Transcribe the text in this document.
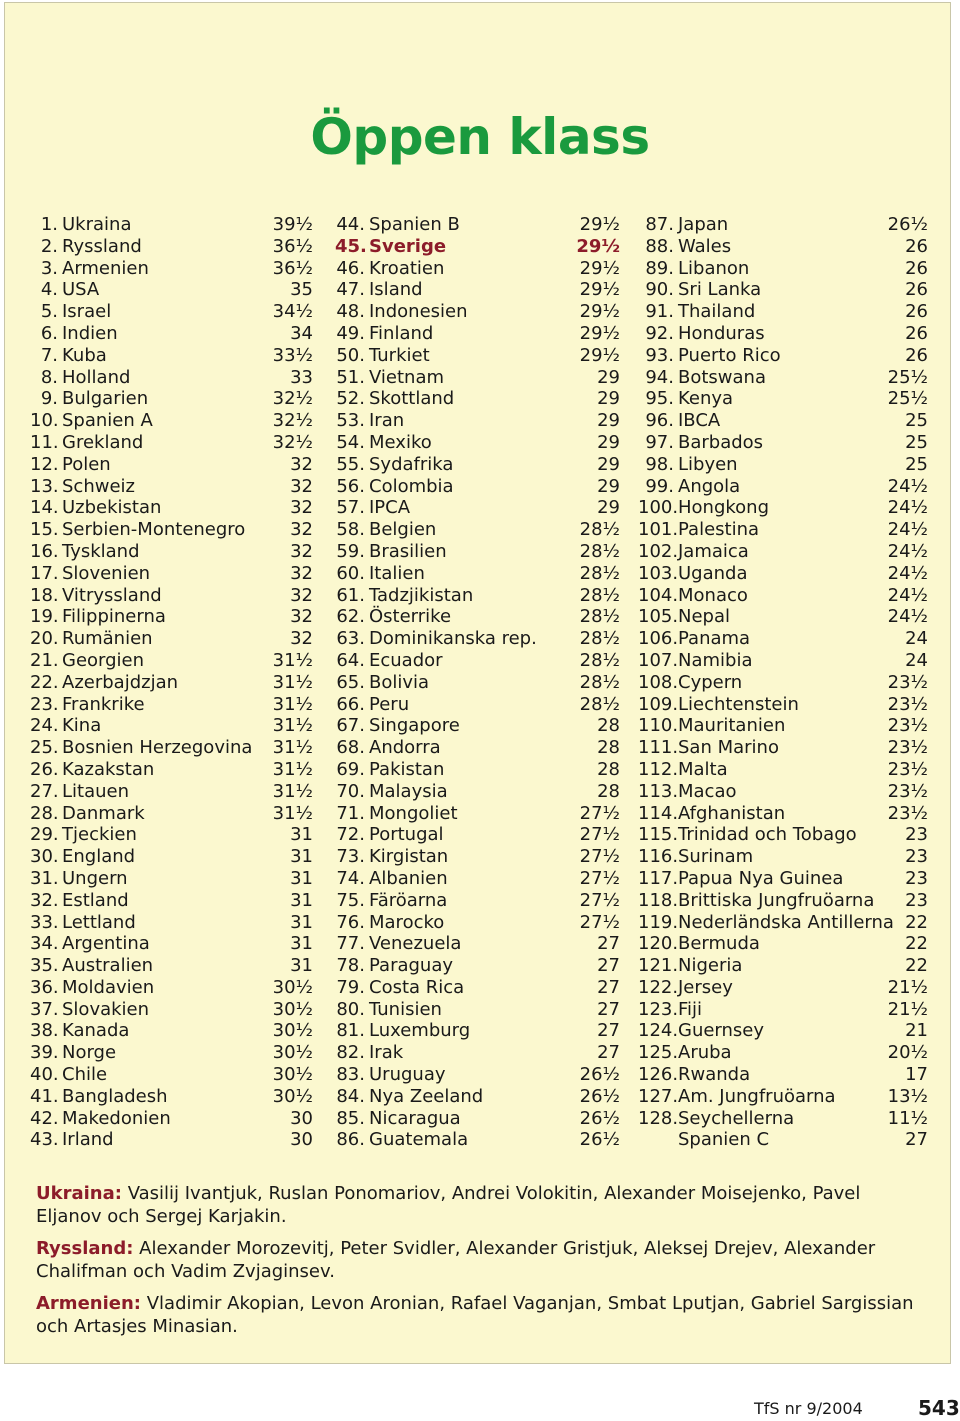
Öppen klass
1. Ukraina	39½
2. Ryssland	36½
3. Armenien	36½
4. USA	35
5. Israel	34½
6. Indien	34
7. Kuba	33½
8. Holland	33
9. Bulgarien	32½
10. Spanien A	32½
11. Grekland	32½
12. Polen	32
13. Schweiz	32
14. Uzbekistan	32
15. Serbien-Montenegro 32
16. Tyskland	32
17. Slovenien	32
18. Vitryssland	32
19. Filippinerna	32
20. Rumänien	32
21. Georgien	31½
22. Azerbajdzjan	31½
23. Frankrike	31½
24. Kina	31½
25. Bosnien Herzegovina 31½
26. Kazakstan	31½
27. Litauen	31½
28. Danmark	31½
29. Tjeckien	31
30. England	31
31. Ungern	31
32. Estland	31
33. Lettland	31
34. Argentina	31
35. Australien	31
36. Moldavien	30½
37. Slovakien	30½
38. Kanada	30½
39. Norge	30½
40. Chile	30½
41. Bangladesh	30½
42. Makedonien	30
43. Irland	30
44. Spanien B	29½
45. Sverige	29½
46. Kroatien	29½
47. Island	29½
48. Indonesien	29½
49. Finland	29½
50. Turkiet	29½
51. Vietnam	29
52. Skottland	29
53. Iran	29
54. Mexiko	29
55. Sydafrika	29
56. Colombia	29
57. IPCA	29
58. Belgien	28½
59. Brasilien	28½
60. Italien	28½
61. Tadzjikistan	28½
62. Österrike	28½
63. Dominikanska rep. 28½
64. Ecuador	28½
65. Bolivia	28½
66. Peru	28½
67. Singapore	28
68. Andorra	28
69. Pakistan	28
70. Malaysia	28
71. Mongoliet	27½
72. Portugal	27½
73. Kirgistan	27½
74. Albanien	27½
75. Färöarna	27½
76. Marocko	27½
77. Venezuela	27
78. Paraguay	27
79. Costa Rica	27
80. Tunisien	27
81. Luxemburg	27
82. Irak	27
83. Uruguay	26½
84. Nya Zeeland	26½
85. Nicaragua	26½
86. Guatemala	26½
87. Japan	26½
88. Wales	26
89. Libanon	26
90. Sri Lanka	26
91. Thailand	26
92. Honduras	26
93. Puerto Rico	26
94. Botswana	25½
95. Kenya	25½
96. IBCA	25
97. Barbados	25
98. Libyen	25
99. Angola	24½
100. Hongkong	24½
101. Palestina	24½
102. Jamaica	24½
103. Uganda	24½
104. Monaco	24½
105. Nepal	24½
106. Panama	24
107. Namibia	24
108. Cypern	23½
109. Liechtenstein	23½
110. Mauritanien	23½
111. San Marino	23½
112. Malta	23½
113. Macao	23½
114. Afghanistan	23½
115. Trinidad och Tobago	23
116. Surinam	23
117. Papua Nya Guinea	23
118. Brittiska Jungfruöarna 23
119. Nederländska Antillerna 22
120. Bermuda	22
121. Nigeria	22
122. Jersey	21½
123. Fiji	21½
124. Guernsey	21
125. Aruba	20½
126. Rwanda	17
127. Am. Jungfruöarna	13½
128. Seychellerna	11½
Spanien C	27
Ukraina: Vasilij Ivantjuk, Ruslan Ponomariov, Andrei Volokitin, Alexander Moisejenko, Pavel Eljanov och Sergej Karjakin.
Ryssland: Alexander Morozevitj, Peter Svidler, Alexander Gristjuk, Aleksej Drejev, Alexander Chalifman och Vadim Zvjaginsev.
Armenien: Vladimir Akopian, Levon Aronian, Rafael Vaganjan, Smbat Lputjan, Gabriel Sargissian och Artasjes Minasian.
TfS nr 9/2004	543
